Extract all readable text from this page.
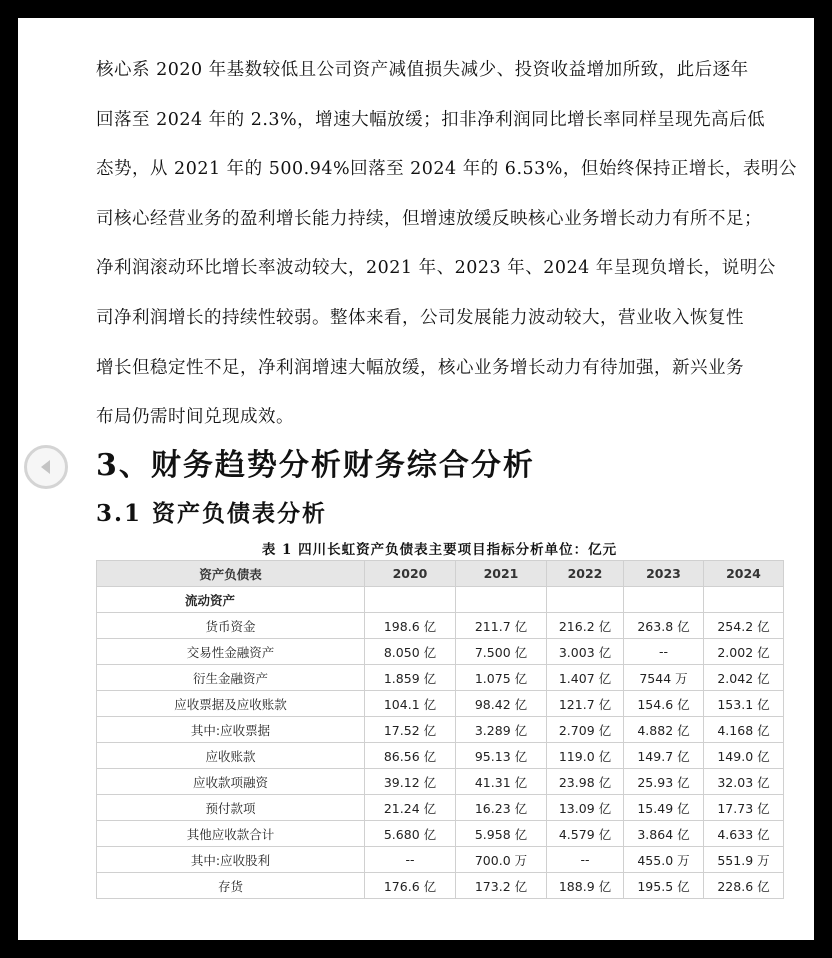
核心系 2020 年基数较低且公司资产减值损失减少、投资收益增加所致，此后逐年
回落至 2024 年的 2.3%，增速大幅放缓；扣非净利润同比增长率同样呈现先高后低
态势，从 2021 年的 500.94%回落至 2024 年的 6.53%，但始终保持正增长，表明公
司核心经营业务的盈利增长能力持续，但增速放缓反映核心业务增长动力有所不足；
净利润滚动环比增长率波动较大，2021 年、2023 年、2024 年呈现负增长，说明公
司净利润增长的持续性较弱。整体来看，公司发展能力波动较大，营业收入恢复性
增长但稳定性不足，净利润增速大幅放缓，核心业务增长动力有待加强，新兴业务
布局仍需时间兑现成效。

3、财务趋势分析财务综合分析
3.1 资产负债表分析

表 1 四川长虹资产负债表主要项目指标分析单位：亿元

资产负债表	2020	2021	2022	2023	2024
流动资产					
货币资金	198.6 亿	211.7 亿	216.2 亿	263.8 亿	254.2 亿
交易性金融资产	8.050 亿	7.500 亿	3.003 亿	--	2.002 亿
衍生金融资产	1.859 亿	1.075 亿	1.407 亿	7544 万	2.042 亿
应收票据及应收账款	104.1 亿	98.42 亿	121.7 亿	154.6 亿	153.1 亿
其中:应收票据	17.52 亿	3.289 亿	2.709 亿	4.882 亿	4.168 亿
应收账款	86.56 亿	95.13 亿	119.0 亿	149.7 亿	149.0 亿
应收款项融资	39.12 亿	41.31 亿	23.98 亿	25.93 亿	32.03 亿
预付款项	21.24 亿	16.23 亿	13.09 亿	15.49 亿	17.73 亿
其他应收款合计	5.680 亿	5.958 亿	4.579 亿	3.864 亿	4.633 亿
其中:应收股利	--	700.0 万	--	455.0 万	551.9 万
存货	176.6 亿	173.2 亿	188.9 亿	195.5 亿	228.6 亿
